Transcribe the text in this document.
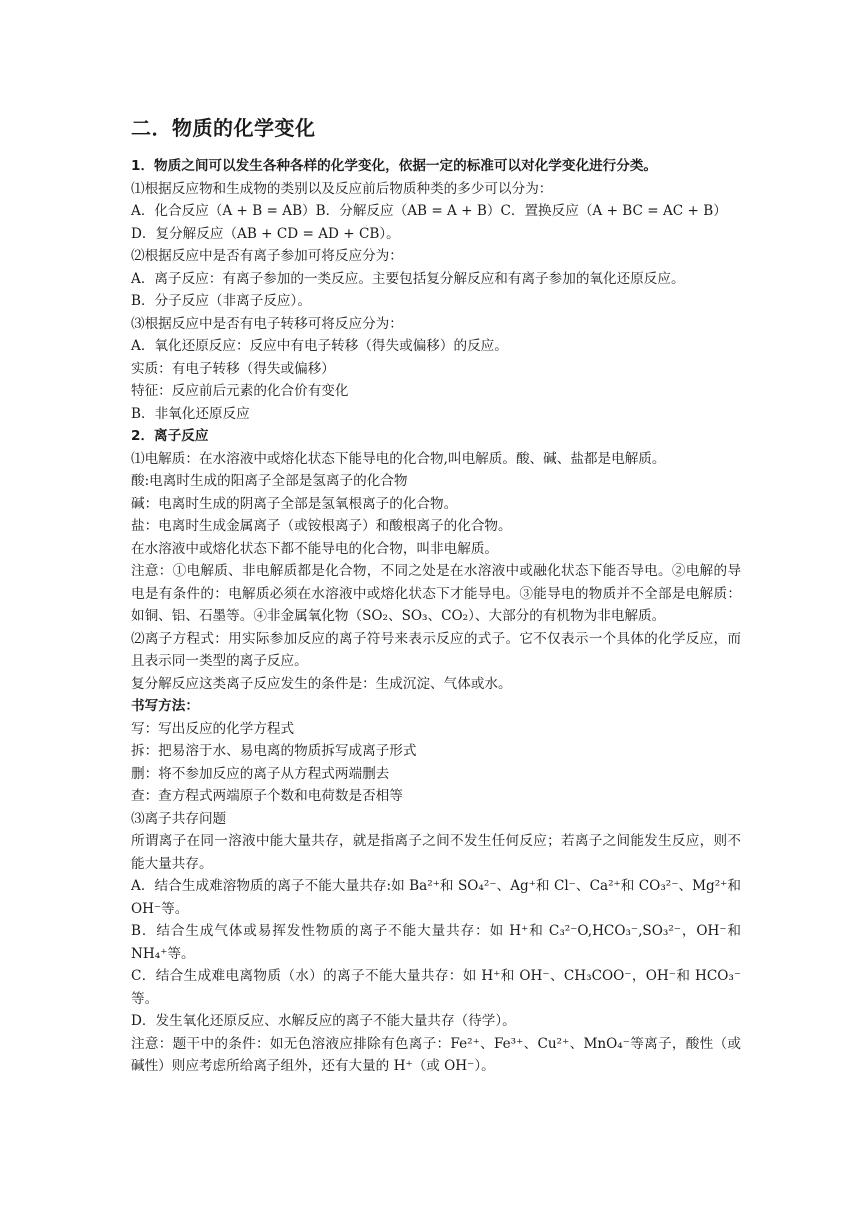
二．物质的化学变化

1．物质之间可以发生各种各样的化学变化，依据一定的标准可以对化学变化进行分类。

⑴根据反应物和生成物的类别以及反应前后物质种类的多少可以分为：

A．化合反应（A + B = AB）B．分解反应（AB = A + B）C．置换反应（A + BC = AC + B）

D．复分解反应（AB + CD = AD + CB）。

⑵根据反应中是否有离子参加可将反应分为：

A．离子反应：有离子参加的一类反应。主要包括复分解反应和有离子参加的氧化还原反应。

B．分子反应（非离子反应）。

⑶根据反应中是否有电子转移可将反应分为：

A．氧化还原反应：反应中有电子转移（得失或偏移）的反应。

实质：有电子转移（得失或偏移）

特征：反应前后元素的化合价有变化

B．非氧化还原反应

2．离子反应

⑴电解质：在水溶液中或熔化状态下能导电的化合物,叫电解质。酸、碱、盐都是电解质。

酸:电离时生成的阳离子全部是氢离子的化合物

碱：电离时生成的阴离子全部是氢氧根离子的化合物。

盐：电离时生成金属离子（或铵根离子）和酸根离子的化合物。

在水溶液中或熔化状态下都不能导电的化合物，叫非电解质。

注意：①电解质、非电解质都是化合物，不同之处是在水溶液中或融化状态下能否导电。②电解的导电是有条件的：电解质必须在水溶液中或熔化状态下才能导电。③能导电的物质并不全部是电解质：如铜、铝、石墨等。④非金属氧化物（SO₂、SO₃、CO₂）、大部分的有机物为非电解质。

⑵离子方程式：用实际参加反应的离子符号来表示反应的式子。它不仅表示一个具体的化学反应，而且表示同一类型的离子反应。

复分解反应这类离子反应发生的条件是：生成沉淀、气体或水。

书写方法：

写：写出反应的化学方程式

拆：把易溶于水、易电离的物质拆写成离子形式

删：将不参加反应的离子从方程式两端删去

查：查方程式两端原子个数和电荷数是否相等

⑶离子共存问题

所谓离子在同一溶液中能大量共存，就是指离子之间不发生任何反应；若离子之间能发生反应，则不能大量共存。

A．结合生成难溶物质的离子不能大量共存:如 Ba²⁺和 SO₄²⁻、Ag⁺和 Cl⁻、Ca²⁺和 CO₃²⁻、Mg²⁺和 OH⁻等。

B．结合生成气体或易挥发性物质的离子不能大量共存：如 H⁺和 C₃²⁻O,HCO₃⁻,SO₃²⁻，OH⁻和 NH₄⁺等。

C．结合生成难电离物质（水）的离子不能大量共存：如 H⁺和 OH⁻、CH₃COO⁻，OH⁻和 HCO₃⁻等。

D．发生氧化还原反应、水解反应的离子不能大量共存（待学）。

注意：题干中的条件：如无色溶液应排除有色离子：Fe²⁺、Fe³⁺、Cu²⁺、MnO₄⁻等离子，酸性（或碱性）则应考虑所给离子组外，还有大量的 H⁺（或 OH⁻）。
